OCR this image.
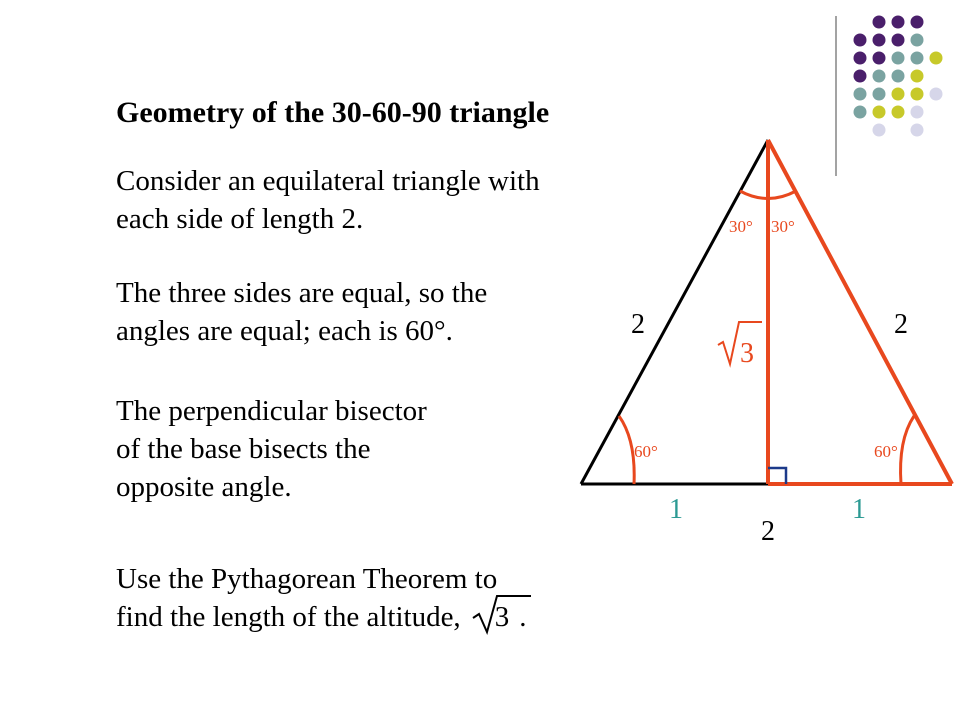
Geometry of the 30-60-90 triangle
Consider an equilateral triangle with
each side of length 2.
The three sides are equal, so the
angles are equal; each is 60°.
The perpendicular bisector
of the base bisects the
opposite angle.
Use the Pythagorean Theorem to
find the length of the altitude, 3 .
30° 30°
2	2
3
60°	60°
1	1
2
